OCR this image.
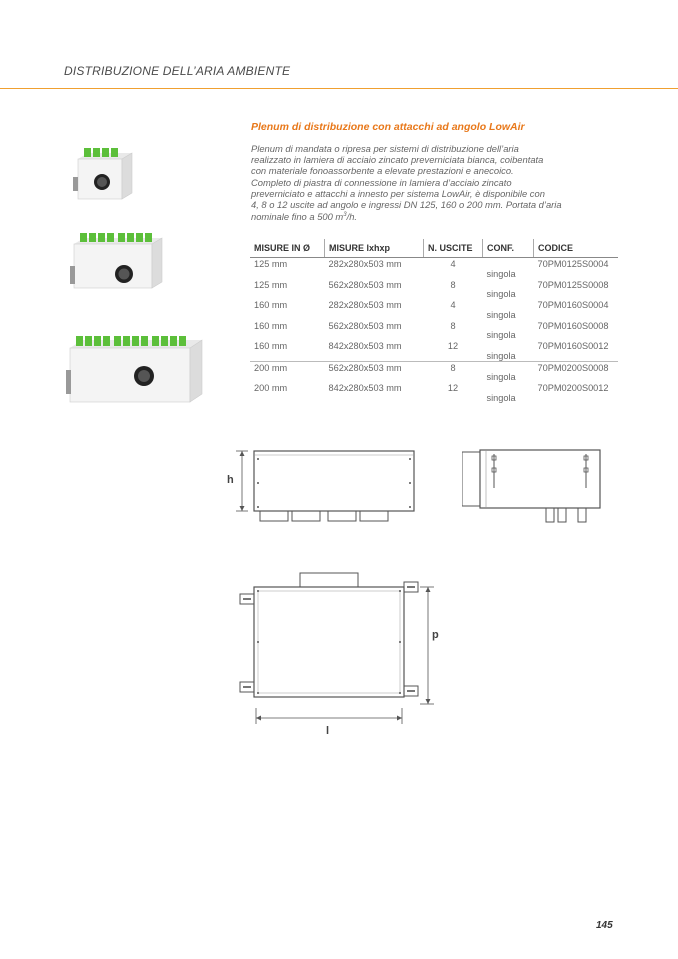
DISTRIBUZIONE DELL’ARIA AMBIENTE
Plenum di distribuzione con attacchi ad angolo LowAir
Plenum di mandata o ripresa per sistemi di distribuzione dell’aria
realizzato in lamiera di acciaio zincato preverniciata bianca, coibentata
con materiale fonoassorbente a elevate prestazioni e anecoico.
Completo di piastra di connessione in lamiera d’acciaio zincato
preverniciato e attacchi a innesto per sistema LowAir, è disponibile con
4, 8 o 12 uscite ad angolo e ingressi DN 125, 160 o 200 mm. Portata d’aria
nominale fino a 500 $m^3/h$.
MISURE IN Ø	MISURE lxhxp	N. USCITE	CONF.	CODICE
125 mm	282x280x503 mm	4	singola	70PM0125S0004
125 mm	562x280x503 mm	8	singola	70PM0125S0008
160 mm	282x280x503 mm	4	singola	70PM0160S0004
160 mm	562x280x503 mm	8	singola	70PM0160S0008
160 mm	842x280x503 mm	12	singola	70PM0160S0012
200 mm	562x280x503 mm	8	singola	70PM0200S0008
200 mm	842x280x503 mm	12	singola	70PM0200S0012
h
p
l
145
